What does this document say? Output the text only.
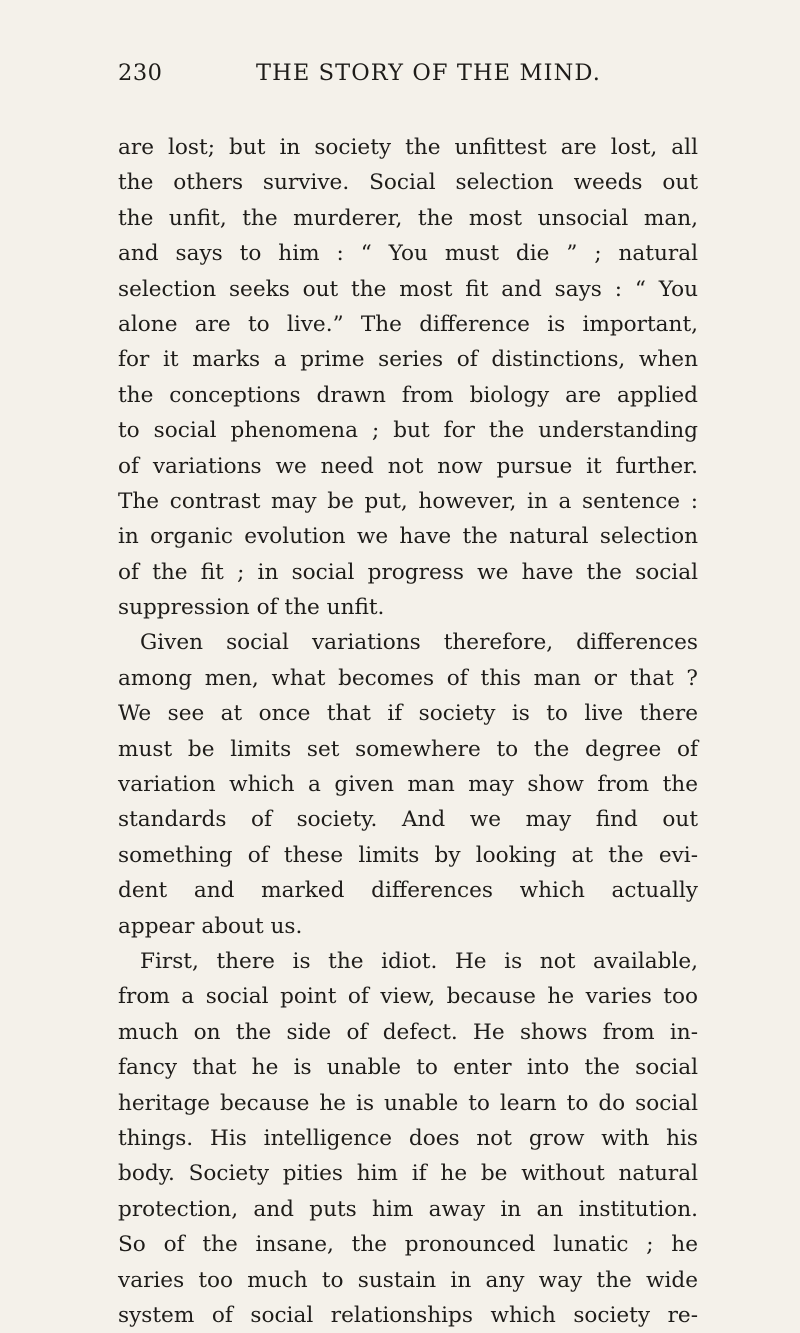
230	THE STORY OF THE MIND.
are lost; but in society the unfittest are lost, all
the others survive. Social selection weeds out
the unfit, the murderer, the most unsocial man,
and says to him : “ You must die ” ; natural
selection seeks out the most fit and says : “ You
alone are to live.” The difference is important,
for it marks a prime series of distinctions, when
the conceptions drawn from biology are applied
to social phenomena ; but for the understanding
of variations we need not now pursue it further.
The contrast may be put, however, in a sentence :
in organic evolution we have the natural selection
of the fit ; in social progress we have the social
suppression of the unfit.
Given social variations therefore, differences
among men, what becomes of this man or that ?
We see at once that if society is to live there
must be limits set somewhere to the degree of
variation which a given man may show from the
standards of society. And we may find out
something of these limits by looking at the evi-
dent and marked differences which actually
appear about us.
First, there is the idiot. He is not available,
from a social point of view, because he varies too
much on the side of defect. He shows from in-
fancy that he is unable to enter into the social
heritage because he is unable to learn to do social
things. His intelligence does not grow with his
body. Society pities him if he be without natural
protection, and puts him away in an institution.
So of the insane, the pronounced lunatic ; he
varies too much to sustain in any way the wide
system of social relationships which society re-
